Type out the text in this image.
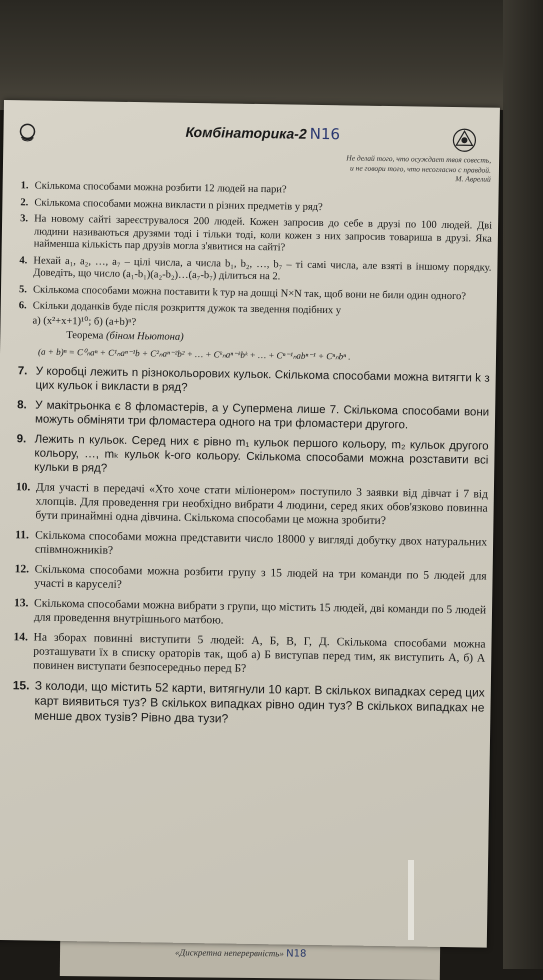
«Дискретна неперервність» N18
Комбінаторика-2 N16
Не делай того, что осуждает твоя совесть,
и не говори того, что несогласно с правдой.
М. Аврелий
1. Скількома способами можна розбити 12 людей на пари?
2. Скількома способами можна викласти n різних предметів у ряд?
3. На новому сайті зареєструвалося 200 людей. Кожен запросив до себе в друзі по 100 людей. Дві людини називаються друзями тоді і тільки тоді, коли кожен з них запросив товариша в друзі. Яка найменша кількість пар друзів могла з'явитися на сайті?
4. Нехай a₁, a₂, …, a₇ – цілі числа, а числа b₁, b₂, …, b₇ – ті самі числа, але взяті в іншому порядку. Доведіть, що число (a₁-b₁)(a₂-b₂)…(a₇-b₇) ділиться на 2.
5. Скількома способами можна поставити k тур на дошці N×N так, щоб вони не били один одного?
6. Скільки доданків буде після розкриття дужок та зведення подібних у
а) (x²+x+1)¹⁰; б) (a+b)ⁿ?
Теорема (біном Ньютона)
(a + b)ⁿ = C⁰ₙaⁿ + C¹ₙaⁿ⁻¹b + C²ₙaⁿ⁻²b² + … + Cᵏₙaⁿ⁻ᵏbᵏ + … + Cⁿ⁻¹ₙabⁿ⁻¹ + Cⁿₙbⁿ .
7. У коробці лежить n різнокольорових кульок. Скількома способами можна витягти k з цих кульок і викласти в ряд?
8. У макітрьонка є 8 фломастерів, а у Супермена лише 7. Скількома способами вони можуть обміняти три фломастера одного на три фломастери другого.
9. Лежить n кульок. Серед них є рівно m₁ кульок першого кольору, m₂ кульок другого кольору, …, mₖ кульок k-ого кольору. Скількома способами можна розставити всі кульки в ряд?
10. Для участі в передачі «Хто хоче стати міліонером» поступило 3 заявки від дівчат і 7 від хлопців. Для проведення гри необхідно вибрати 4 людини, серед яких обов'язково повинна бути принаймні одна дівчина. Скількома способами це можна зробити?
11. Скількома способами можна представити число 18000 у вигляді добутку двох натуральних співмножників?
12. Скількома способами можна розбити групу з 15 людей на три команди по 5 людей для участі в каруселі?
13. Скількома способами можна вибрати з групи, що містить 15 людей, дві команди по 5 людей для проведення внутрішнього матбою.
14. На зборах повинні виступити 5 людей: А, Б, В, Г, Д. Скількома способами можна розташувати їх в списку ораторів так, щоб а) Б виступав перед тим, як виступить А, б) А повинен виступати безпосередньо перед Б?
15. З колоди, що містить 52 карти, витягнули 10 карт. В скількох випадках серед цих карт виявиться туз? В скількох випадках рівно один туз? В скількох випадках не менше двох тузів? Рівно два тузи?
